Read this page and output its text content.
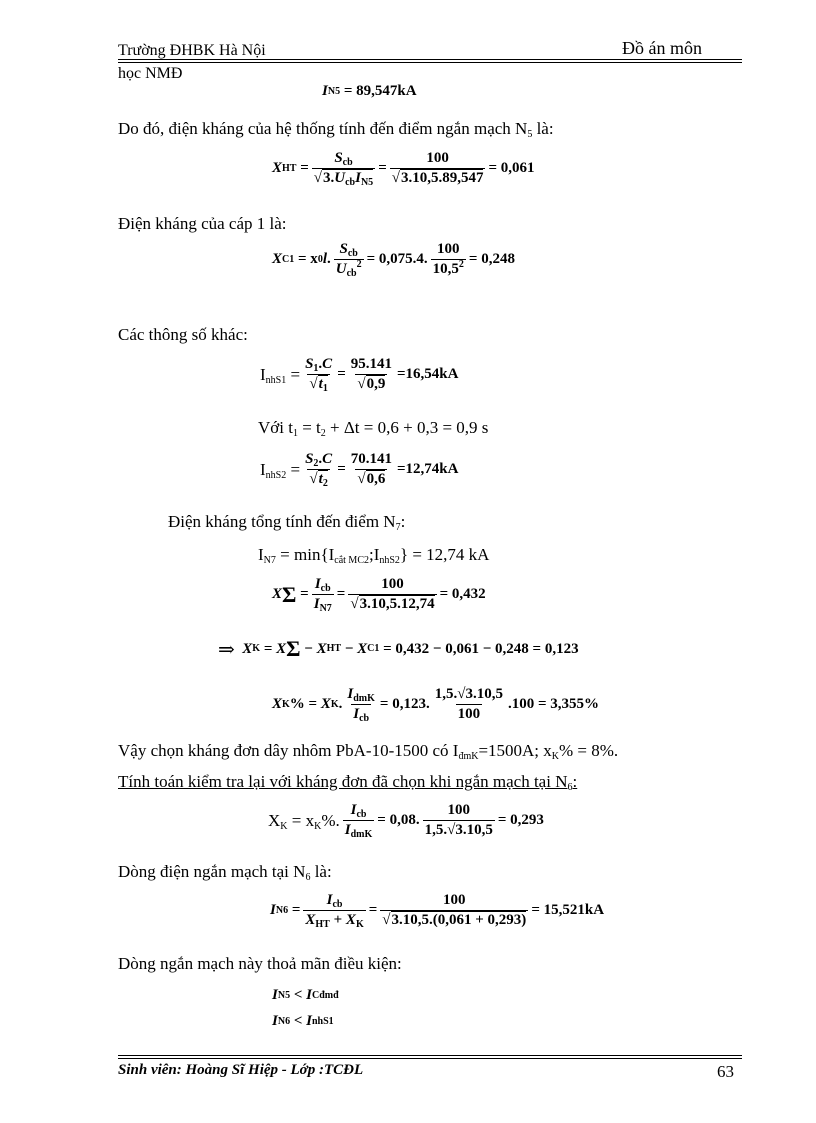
Trường ĐHBK Hà Nội	Đồ án môn
học NMĐ
I N5
= 89,547kA
Do đó, điện kháng của hệ thống tính đến điểm ngắn mạch $N_5$ là:
X HT = $\frac{S_{cb}}{√3.U_{cb}I_{N5}} = \frac{100}{√3.10,5.89,547} = 0,061$
Điện kháng của cáp 1 là:
X C1 = x 0 l . $\frac{S_{cb}}{U_{cb}^2} = 0,075.4$. $\frac{100}{10,5^2} = 0,248$
Các thông số khác:
$I_{nhS1} = \frac{S_1.C}{√t_1} = \frac{95.141}{√0,9} =16,54kA$
Với $t_1 = t_2 + \Delta t = 0,6 + 0,3 = 0,9$ s
$I_{nhS2} = \frac{S_2.C}{√t_2} = \frac{70.141}{√0,6} =12,74kA$
Điện kháng tổng tính đến điểm $N_7$:
$I_{N7}$ = $\min\{I_{cắt MC2};I_{nhS2}\} = 12,74$ kA
X $\Sigma = \frac{I_{cb}}{I_{N7}} = \frac{100}{√3.10,5.12,74} = 0,432$
⇒
X K = X Σ − X HT − X C1
= 0,432 − 0,061 − 0,248 = 0,123
X K % = X K . $\frac{I_{dmK}}{I_{cb}} = 0,123$. $\frac{1,5.√3.10,5}{100} .100 = 3,355\%$
Vậy chọn kháng đơn dây nhôm PbA-10-1500 có $I_{đmK}=1500A$; $x_K\% = 8\%$.
Tính toán kiểm tra lại với kháng đơn đã chọn khi ngắn mạch tại $N_6$:
$X_K = x_K\%$. $\frac{I_{cb}}{I_{dmK}} = 0,08$. $\frac{100}{1,5.√3.10,5} = 0,293$
Dòng điện ngắn mạch tại $N_6$ là:
I $N6 = \frac{I_{cb}}{X_{HT} + X_K} = \frac{100}{√3.10,5.(0,061 + 0,293)} = 15,521kA$
Dòng ngắn mạch này thoả mãn điều kiện:
I N5 < I Cđmđ
I N6 < I nhS1
Sinh viên: Hoàng Sĩ Hiệp - Lớp :TCĐL	63
